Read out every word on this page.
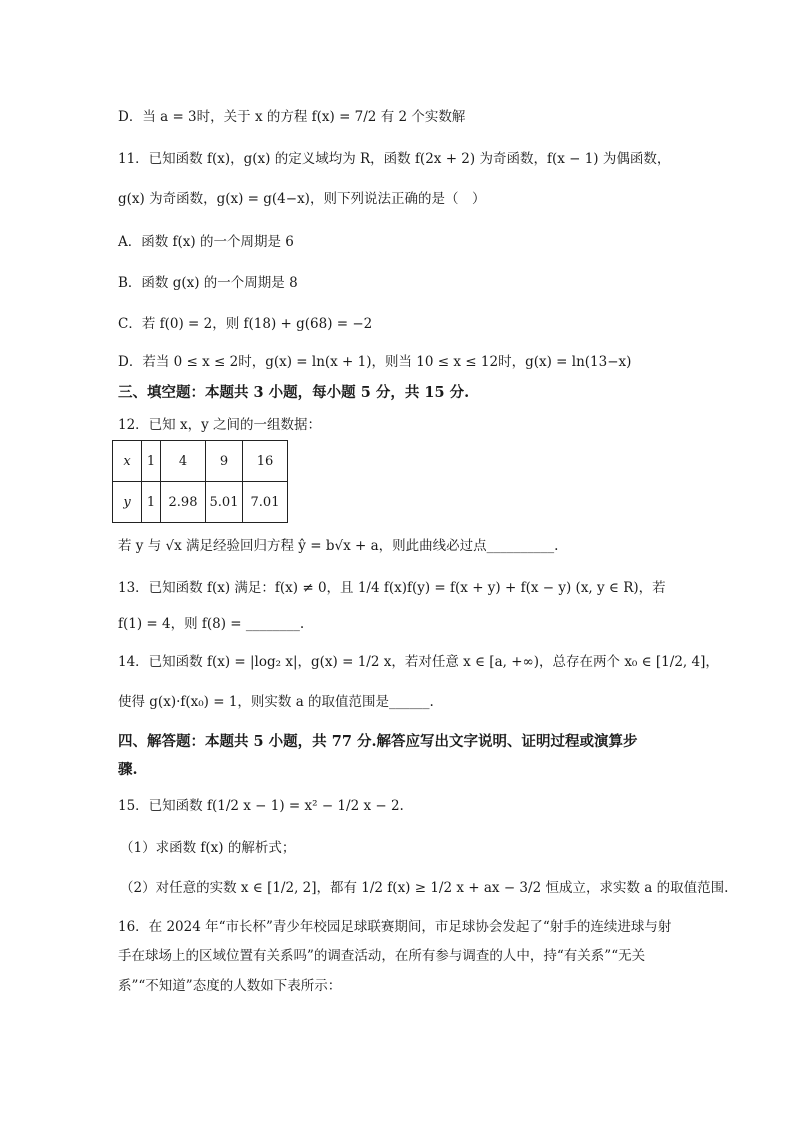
D．当 a = 3时，关于 x 的方程 f(x) = 7/2 有 2 个实数解
11．已知函数 f(x)，g(x) 的定义域均为 R，函数 f(2x + 2) 为奇函数，f(x − 1) 为偶函数，
g(x) 为奇函数，g(x) = g(4−x)，则下列说法正确的是（　）
A．函数 f(x) 的一个周期是 6
B．函数 g(x) 的一个周期是 8
C．若 f(0) = 2，则 f(18) + g(68) = −2
D．若当 0 ≤ x ≤ 2时，g(x) = ln(x + 1)，则当 10 ≤ x ≤ 12时，g(x) = ln(13−x)
三、填空题：本题共 3 小题，每小题 5 分，共 15 分.
12．已知 x，y 之间的一组数据：
x	1	4	9	16
y	1	2.98	5.01	7.01
若 y 与 √x 满足经验回归方程 ŷ = b√x + a，则此曲线必过点__________.
13．已知函数 f(x) 满足：f(x) ≠ 0，且 1/4 f(x)f(y) = f(x + y) + f(x − y) (x, y ∈ R)，若
f(1) = 4，则 f(8) = ________.
14．已知函数 f(x) = |log₂ x|，g(x) = 1/2 x，若对任意 x ∈ [a, +∞)，总存在两个 x₀ ∈ [1/2, 4]，
使得 g(x)·f(x₀) = 1，则实数 a 的取值范围是______.
四、解答题：本题共 5 小题，共 77 分.解答应写出文字说明、证明过程或演算步
骤.
15．已知函数 f(1/2 x − 1) = x² − 1/2 x − 2.
（1）求函数 f(x) 的解析式；
（2）对任意的实数 x ∈ [1/2, 2]，都有 1/2 f(x) ≥ 1/2 x + ax − 3/2 恒成立，求实数 a 的取值范围.
16．在 2024 年“市长杯”青少年校园足球联赛期间，市足球协会发起了“射手的连续进球与射
手在球场上的区域位置有关系吗”的调查活动，在所有参与调查的人中，持“有关系”“无关
系”“不知道”态度的人数如下表所示：
